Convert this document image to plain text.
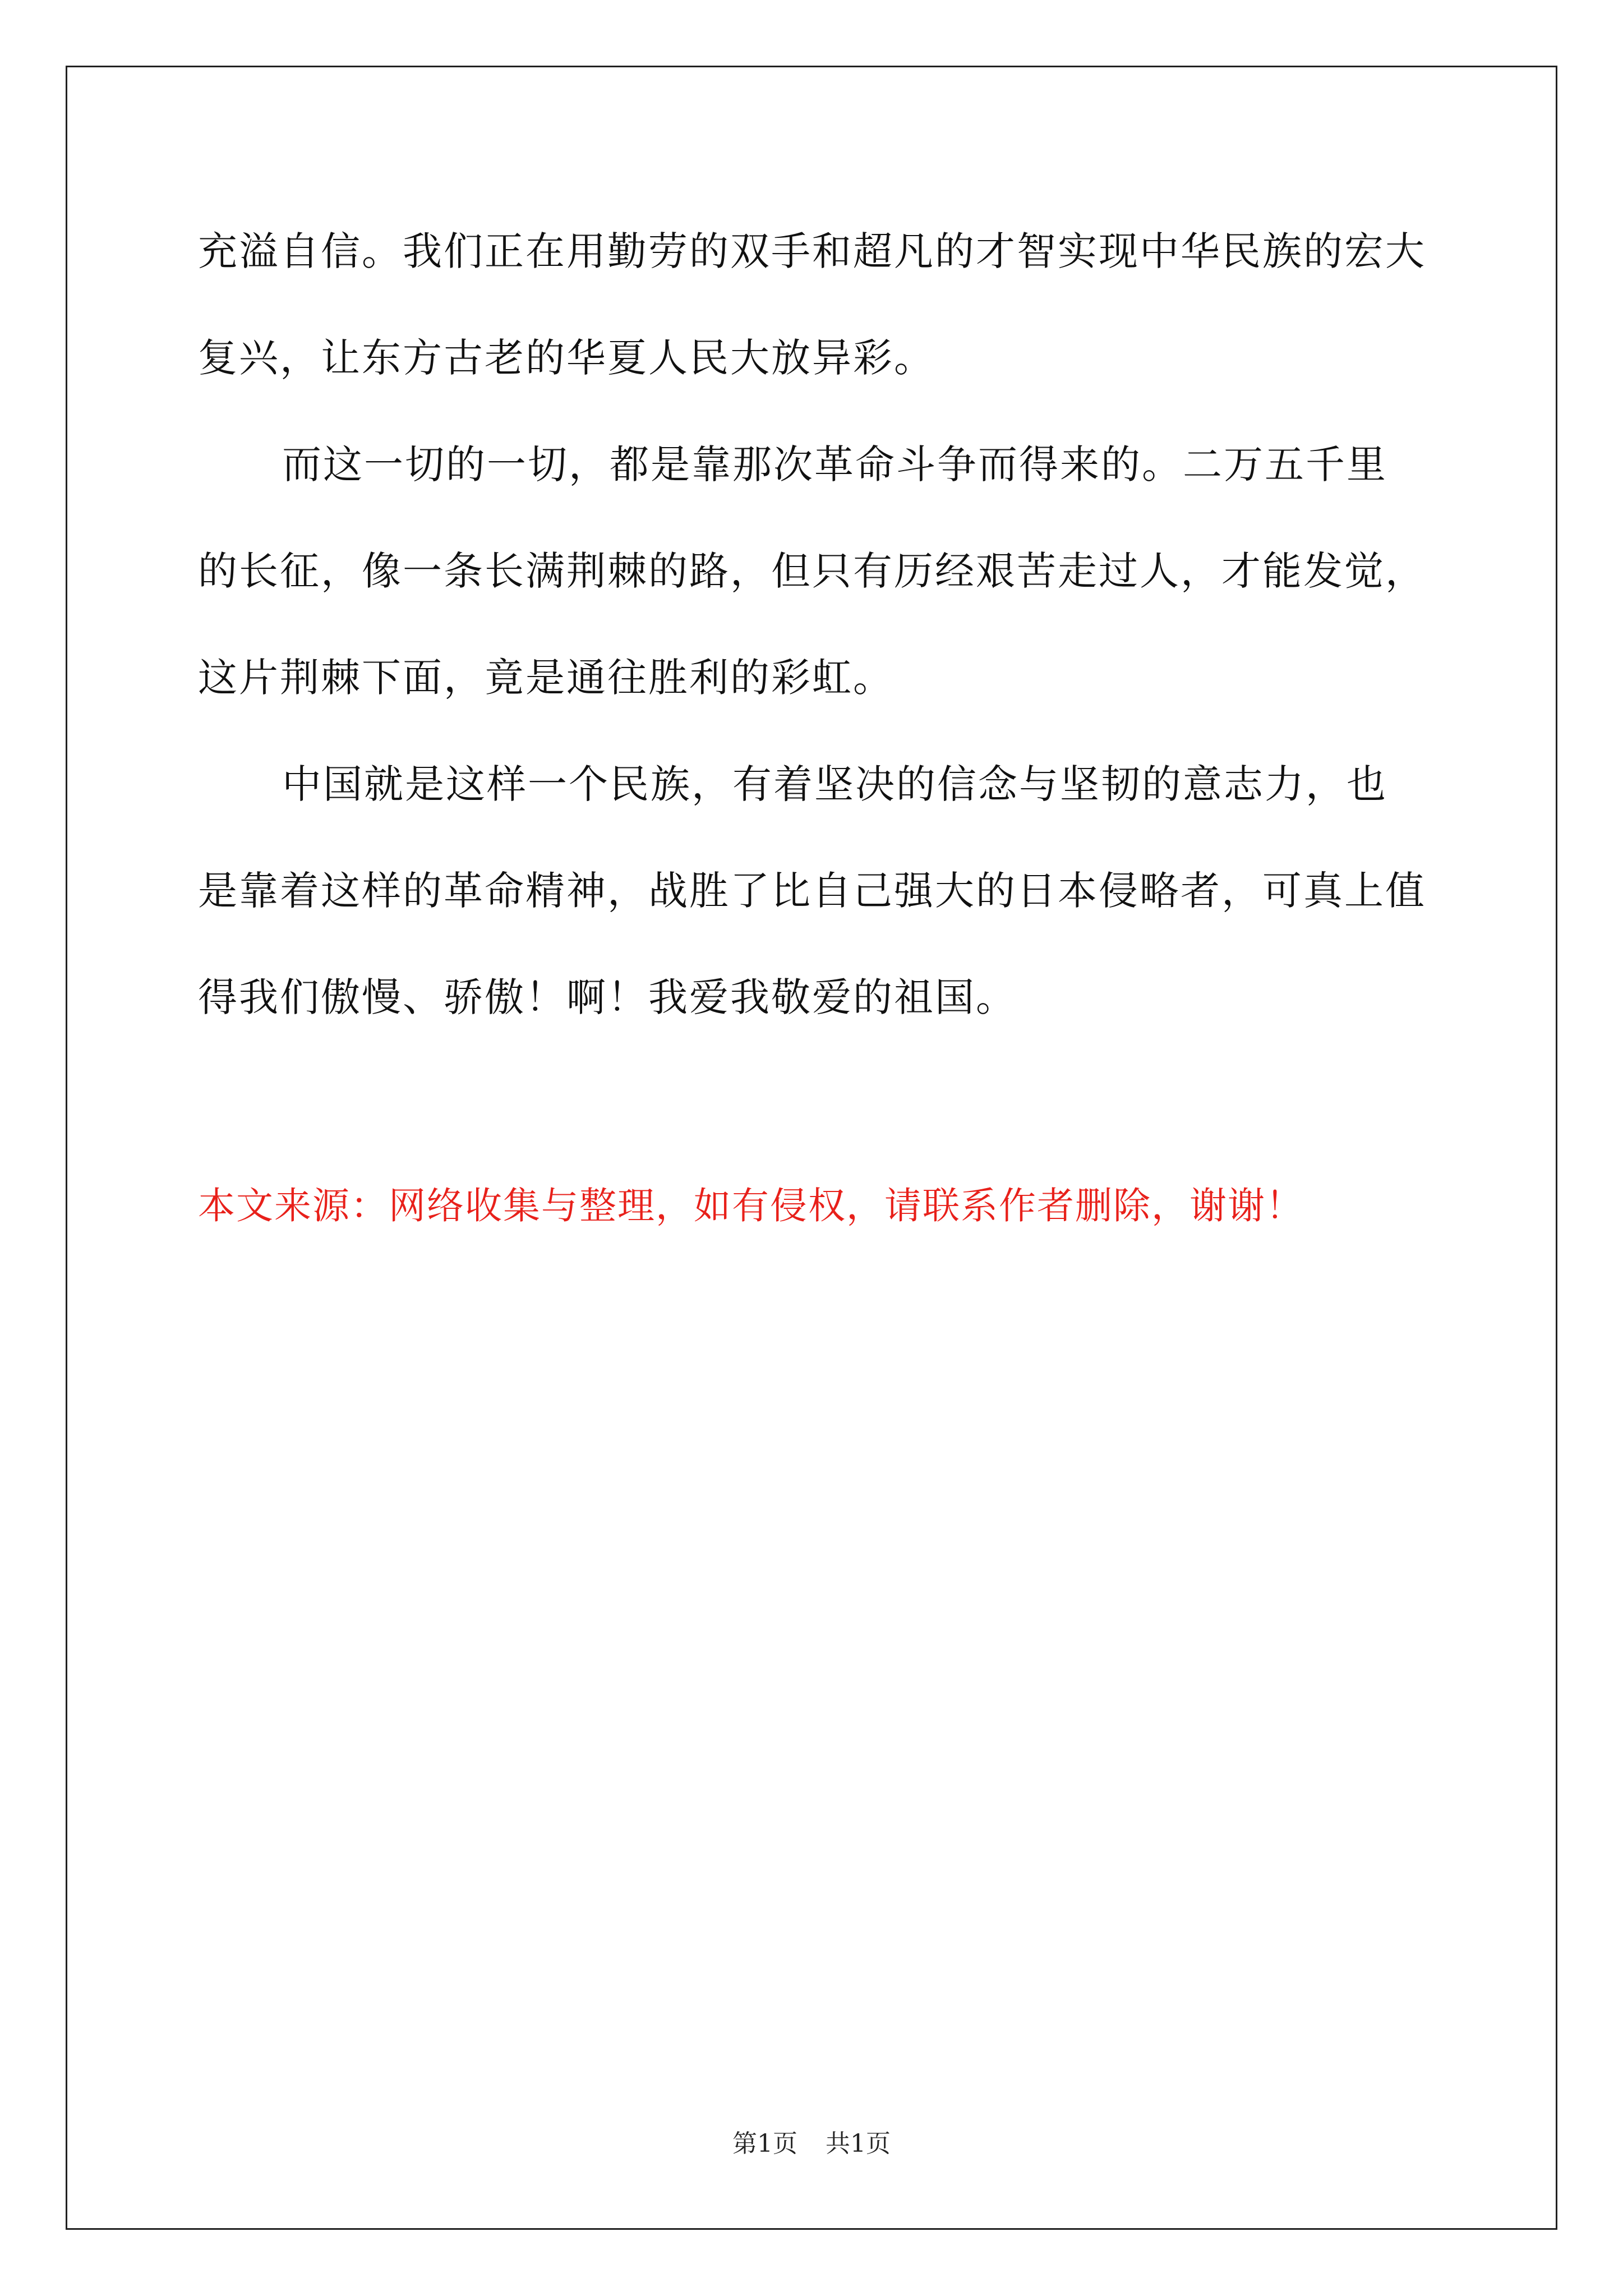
充溢自信。我们正在用勤劳的双手和超凡的才智实现中华民族的宏大复兴，让东方古老的华夏人民大放异彩。

而这一切的一切，都是靠那次革命斗争而得来的。二万五千里的长征，像一条长满荆棘的路，但只有历经艰苦走过人，才能发觉，这片荆棘下面，竟是通往胜利的彩虹。

中国就是这样一个民族，有着坚决的信念与坚韧的意志力，也是靠着这样的革命精神，战胜了比自己强大的日本侵略者，可真上值得我们傲慢、骄傲！啊！我爱我敬爱的祖国。

本文来源：网络收集与整理，如有侵权，请联系作者删除，谢谢！

第1页 共1页
